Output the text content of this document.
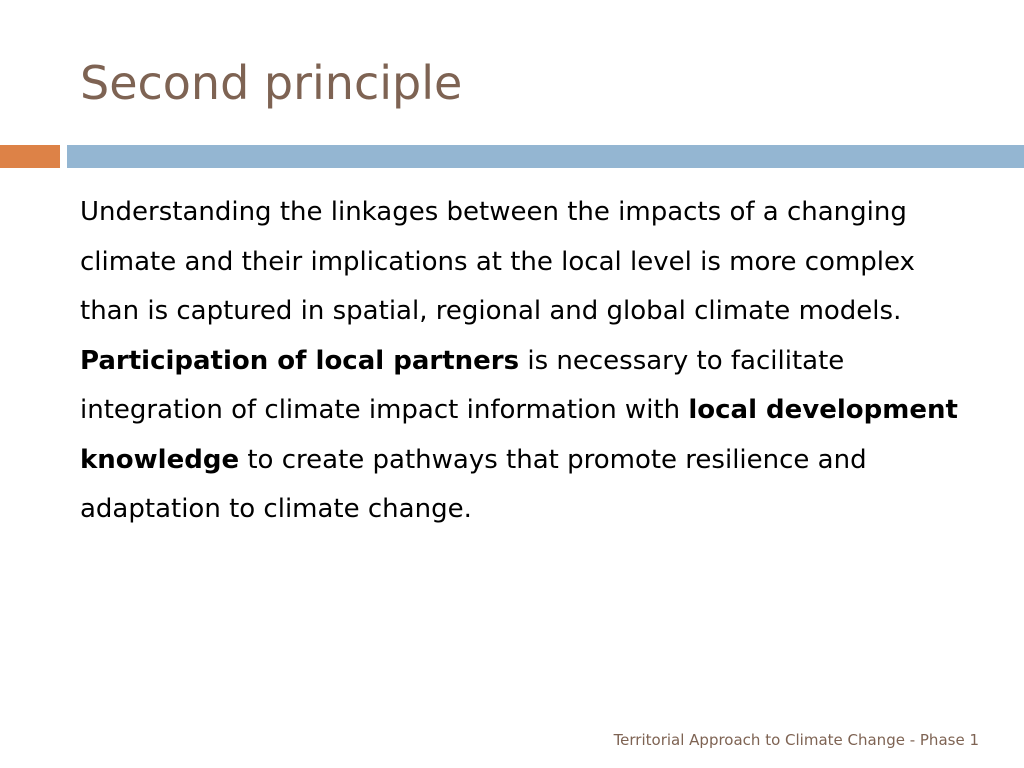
Second principle

Understanding the linkages between the impacts of a changing climate and their implications at the local level is more complex than is captured in spatial, regional and global climate models. Participation of local partners is necessary to facilitate integration of climate impact information with local development knowledge to create pathways that promote resilience and adaptation to climate change.

Territorial Approach to Climate Change - Phase 1
